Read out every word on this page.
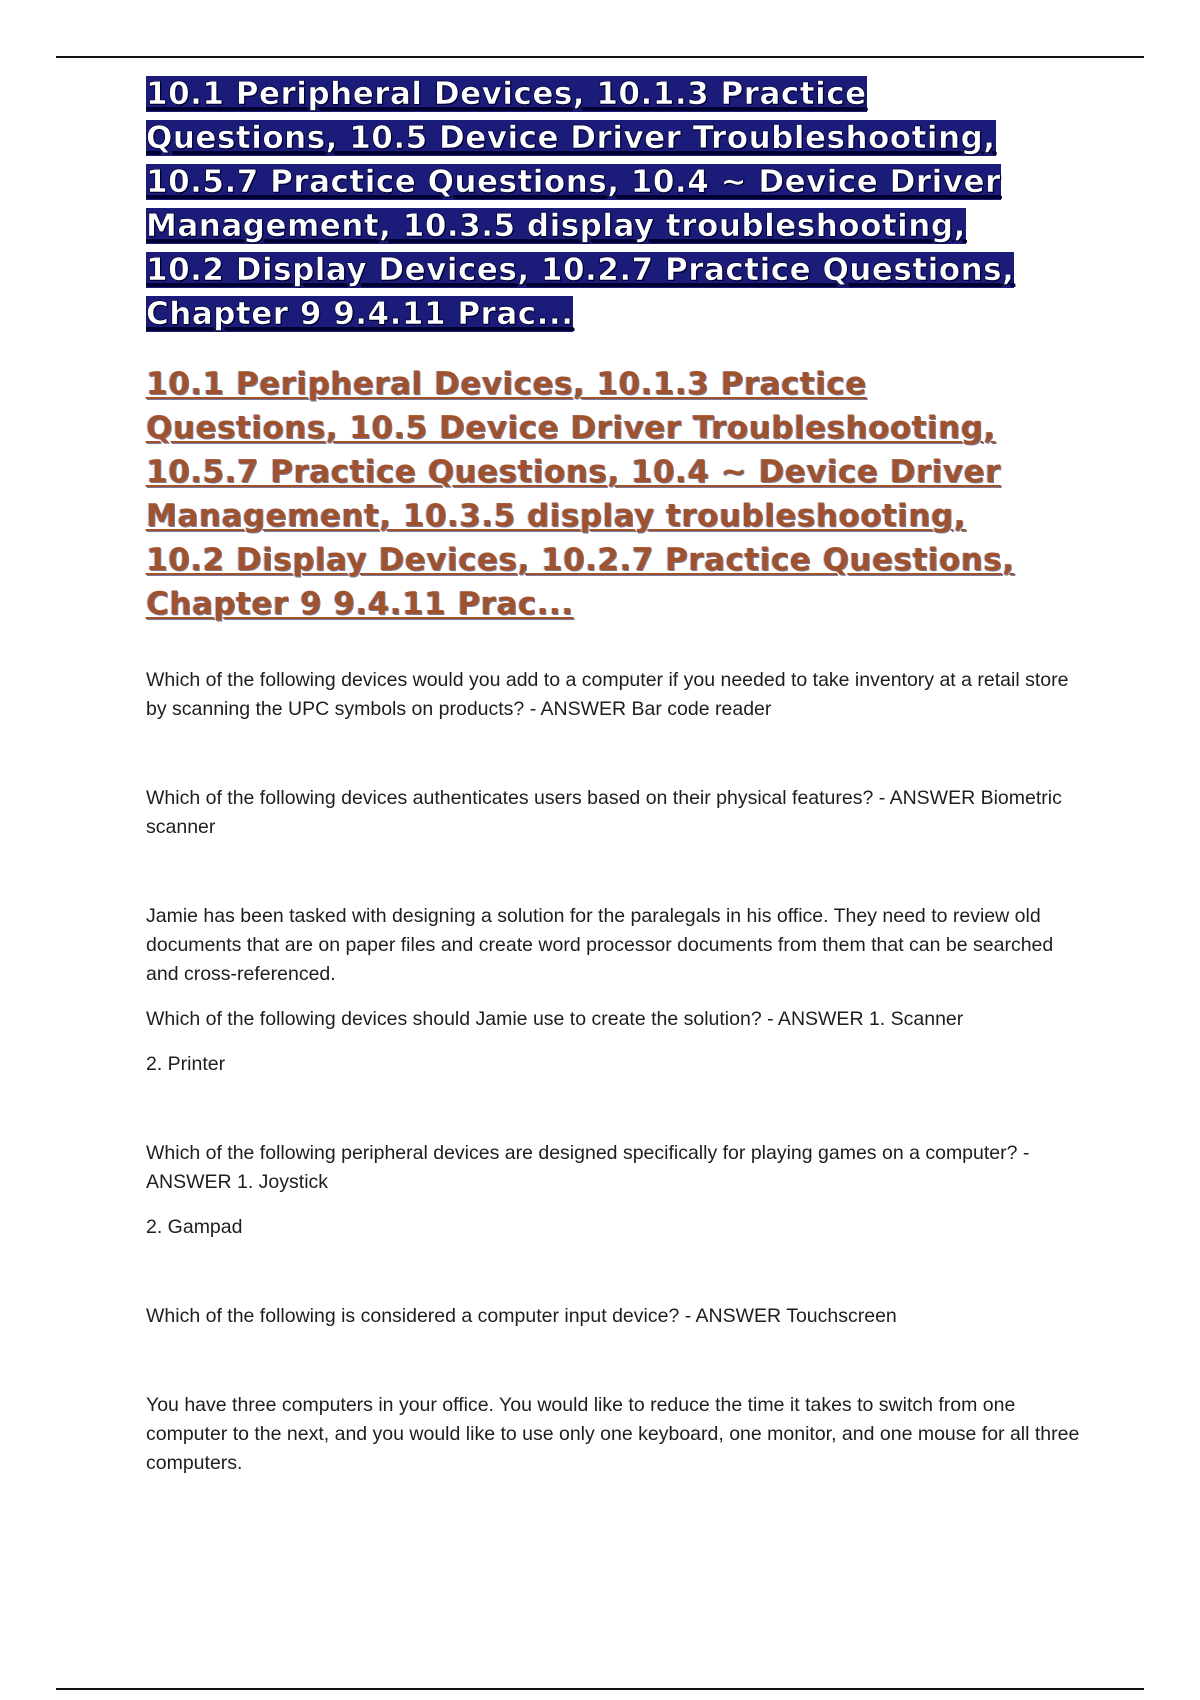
10.1 Peripheral Devices, 10.1.3 Practice Questions, 10.5 Device Driver Troubleshooting, 10.5.7 Practice Questions, 10.4 ~ Device Driver Management, 10.3.5 display troubleshooting, 10.2 Display Devices, 10.2.7 Practice Questions, Chapter 9 9.4.11 Prac...
10.1 Peripheral Devices, 10.1.3 Practice Questions, 10.5 Device Driver Troubleshooting, 10.5.7 Practice Questions, 10.4 ~ Device Driver Management, 10.3.5 display troubleshooting, 10.2 Display Devices, 10.2.7 Practice Questions, Chapter 9 9.4.11 Prac...

Which of the following devices would you add to a computer if you needed to take inventory at a retail store by scanning the UPC symbols on products? - ANSWER Bar code reader

Which of the following devices authenticates users based on their physical features? - ANSWER Biometric scanner

Jamie has been tasked with designing a solution for the paralegals in his office. They need to review old documents that are on paper files and create word processor documents from them that can be searched and cross-referenced.

Which of the following devices should Jamie use to create the solution? - ANSWER 1. Scanner

2. Printer

Which of the following peripheral devices are designed specifically for playing games on a computer? - ANSWER 1. Joystick

2. Gampad

Which of the following is considered a computer input device? - ANSWER Touchscreen

You have three computers in your office. You would like to reduce the time it takes to switch from one computer to the next, and you would like to use only one keyboard, one monitor, and one mouse for all three computers.
